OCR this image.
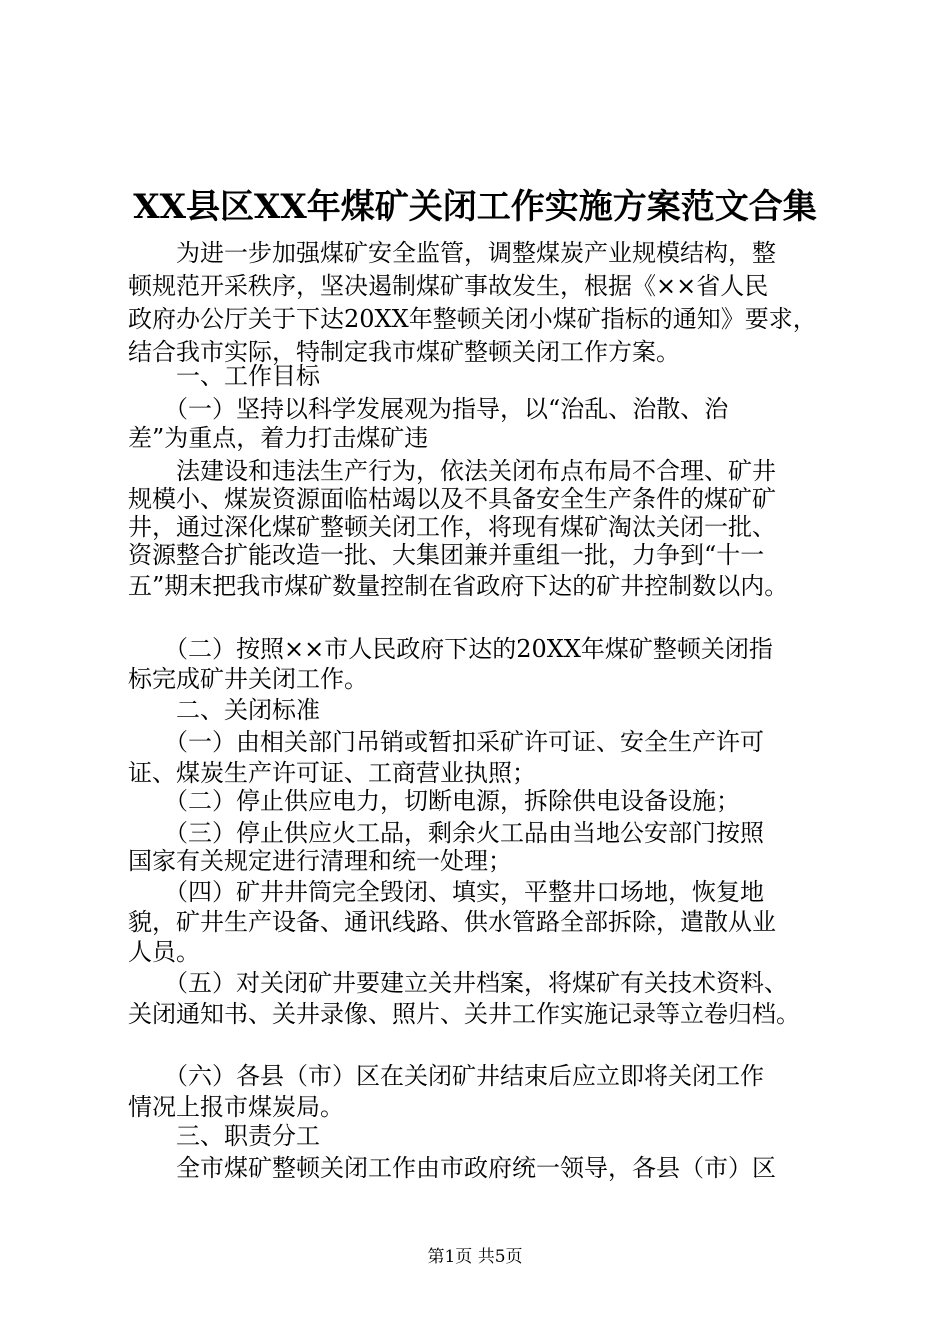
XX县区XX年煤矿关闭工作实施方案范文合集
　　为进一步加强煤矿安全监管，调整煤炭产业规模结构，整
顿规范开采秩序，坚决遏制煤矿事故发生，根据《××省人民
政府办公厅关于下达20XX年整顿关闭小煤矿指标的通知》要求，
结合我市实际，特制定我市煤矿整顿关闭工作方案。
　　一、工作目标
　　（一）坚持以科学发展观为指导，以“治乱、治散、治
差”为重点，着力打击煤矿违
　　法建设和违法生产行为，依法关闭布点布局不合理、矿井
规模小、煤炭资源面临枯竭以及不具备安全生产条件的煤矿矿
井，通过深化煤矿整顿关闭工作，将现有煤矿淘汰关闭一批、
资源整合扩能改造一批、大集团兼并重组一批，力争到“十一
五”期末把我市煤矿数量控制在省政府下达的矿井控制数以内。
　　（二）按照××市人民政府下达的20XX年煤矿整顿关闭指
标完成矿井关闭工作。
　　二、关闭标准
　　（一）由相关部门吊销或暂扣采矿许可证、安全生产许可
证、煤炭生产许可证、工商营业执照；
　　（二）停止供应电力，切断电源，拆除供电设备设施；
　　（三）停止供应火工品，剩余火工品由当地公安部门按照
国家有关规定进行清理和统一处理；
　　（四）矿井井筒完全毁闭、填实，平整井口场地，恢复地
貌，矿井生产设备、通讯线路、供水管路全部拆除，遣散从业
人员。
　　（五）对关闭矿井要建立关井档案，将煤矿有关技术资料、
关闭通知书、关井录像、照片、关井工作实施记录等立卷归档。
　　（六）各县（市）区在关闭矿井结束后应立即将关闭工作
情况上报市煤炭局。
　　三、职责分工
　　全市煤矿整顿关闭工作由市政府统一领导，各县（市）区
第1页 共5页
